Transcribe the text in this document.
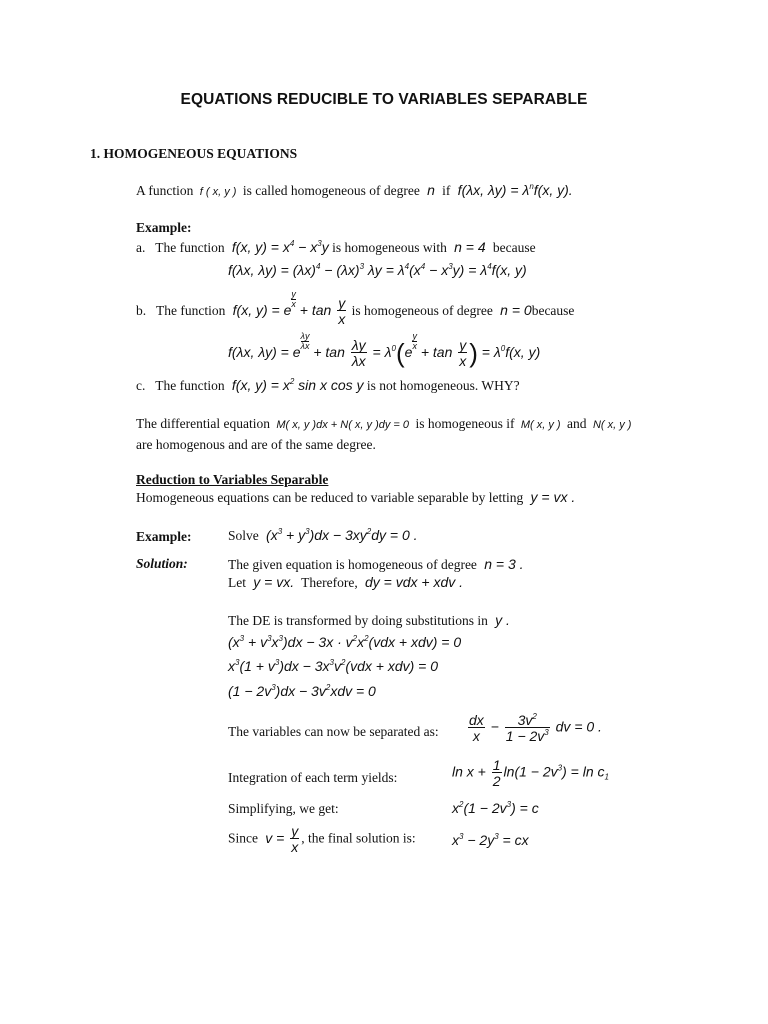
EQUATIONS REDUCIBLE TO VARIABLES SEPARABLE
1. HOMOGENEOUS EQUATIONS
A function  f ( x, y )  is called homogeneous of degree  n  if  f(λx, $\lambda y) = \lambda^nf(x$, y).
Example:
a. The function  f(x, $y) = x^4 - x^3y$ is homogeneous with  n = 4  because
f(λx, $\lambda y) = (\lambda x)^4 - (\lambda x)^3$ $\lambda y = \lambda^4(x^4 - x^3y) = \lambda^4f(x$, y)
b. The function  f(x, y) = e
$\frac{y}{x}$
+ $\tan \frac{y}{x}$ is homogeneous of degree  n = 0because
f(λx, λy) = e
$\frac{\lambda y}{\lambda x}$
+ $\tan \frac{\lambda y}{\lambda x} = \lambda^0(e$
$\frac{y}{x}$
+ $\tan \frac{y}{x}$ ) = $\lambda^0f(x$, y)
c. The function  f(x, $y) = x^2$ sin x cos y is not homogeneous. WHY?
The differential equation  M( x, y )dx + N( x, y )dy = 0  is homogeneous if  M( x, y )  and  N( x, y )
are homogenous and are of the same degree.
Reduction to Variables Separable
Homogeneous equations can be reduced to variable separable by letting  y = vx .
Example:	Solve  $(x^3 + y^3)dx - 3xy^2dy = 0$ .
Solution:	The given equation is homogeneous of degree  n = 3 .
Let  y = vx.  Therefore,  dy = vdx + xdv .
The DE is transformed by doing substitutions in  y .
$(x^3 + v^3x^3)dx - 3x \cdot v^2x^2(vdx + xdv) = 0$
$x^3(1 + v^3)dx - 3x^3v^2(vdx + xdv) = 0$
$(1 - 2v^3)dx - 3v^2xdv = 0$
The variables can now be separated as: $\frac{dx}{x} - \frac{3v^2}{1 - 2v^3}$ dv = 0 .
Integration of each term yields:	$\ln x + \frac{1}{2} \ln(1 - 2v^3) = \ln c_1$
Simplifying, we get:	$x^2(1 - 2v^3) = c$
Since  $v = \frac{y}{x}$ , the final solution is:	$x^3 - 2y^3$ = cx
